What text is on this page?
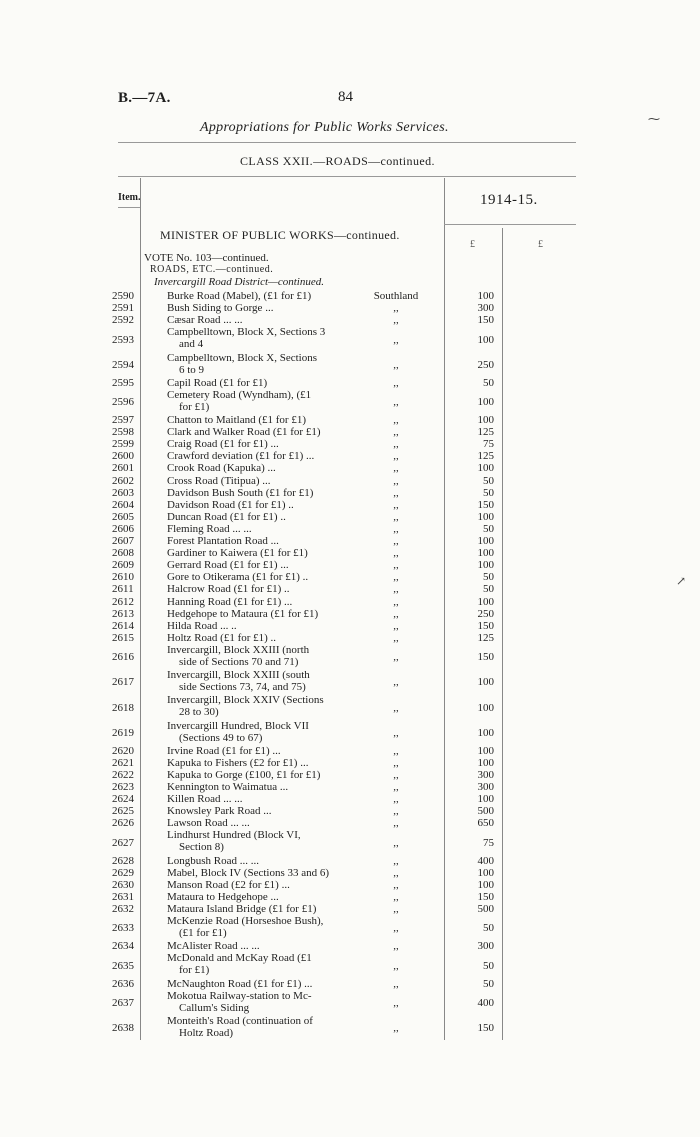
B.—7A.	84
Appropriations for Public Works Services.
⁓
CLASS XXII.—ROADS—continued.
Item.	1914-15.
MINISTER OF PUBLIC WORKS—continued.
£	£
VOTE No. 103—continued.
ROADS, ETC.—continued.
Invercargill Road District—continued.
↗
2590	Burke Road (Mabel), (£1 for £1)	Southland	100
2591	Bush Siding to Gorge ...	,,	300
2592	Cæsar Road ... ...	,,	150
2593
Campbelltown, Block X, Sections 3
and 4	,,	100
2594
Campbelltown, Block X, Sections
6 to 9	,,	250
2595	Capil Road (£1 for £1)	,,	50
2596
Cemetery Road (Wyndham), (£1
for £1)	,,	100
2597	Chatton to Maitland (£1 for £1)	,,	100
2598	Clark and Walker Road (£1 for £1)	,,	125
2599	Craig Road (£1 for £1) ...	,,	75
2600	Crawford deviation (£1 for £1) ...	,,	125
2601	Crook Road (Kapuka) ...	,,	100
2602	Cross Road (Titipua) ...	,,	50
2603	Davidson Bush South (£1 for £1)	,,	50
2604	Davidson Road (£1 for £1) ..	,,	150
2605	Duncan Road (£1 for £1) ..	,,	100
2606	Fleming Road ... ...	,,	50
2607	Forest Plantation Road ...	,,	100
2608	Gardiner to Kaiwera (£1 for £1)	,,	100
2609	Gerrard Road (£1 for £1) ...	,,	100
2610	Gore to Otikerama (£1 for £1) ..	,,	50
2611	Halcrow Road (£1 for £1) ..	,,	50
2612	Hanning Road (£1 for £1) ...	,,	100
2613	Hedgehope to Mataura (£1 for £1)	,,	250
2614	Hilda Road ... ..	,,	150
2615	Holtz Road (£1 for £1) ..	,,	125
2616
Invercargill, Block XXIII (north
side of Sections 70 and 71)	,,	150
2617
Invercargill, Block XXIII (south
side Sections 73, 74, and 75)	,,	100
2618
Invercargill, Block XXIV (Sections
28 to 30)	,,	100
2619
Invercargill Hundred, Block VII
(Sections 49 to 67)	,,	100
2620	Irvine Road (£1 for £1) ...	,,	100
2621	Kapuka to Fishers (£2 for £1) ...	,,	100
2622	Kapuka to Gorge (£100, £1 for £1)	,,	300
2623	Kennington to Waimatua ...	,,	300
2624	Killen Road ... ...	,,	100
2625	Knowsley Park Road ...	,,	500
2626	Lawson Road ... ...	,,	650
2627
Lindhurst Hundred (Block VI,
Section 8)	,,	75
2628	Longbush Road ... ...	,,	400
2629	Mabel, Block IV (Sections 33 and 6)	,,	100
2630	Manson Road (£2 for £1) ...	,,	100
2631	Mataura to Hedgehope ...	,,	150
2632	Mataura Island Bridge (£1 for £1)	,,	500
2633
McKenzie Road (Horseshoe Bush),
(£1 for £1)	,,	50
2634	McAlister Road ... ...	,,	300
2635
McDonald and McKay Road (£1
for £1)	,,	50
2636	McNaughton Road (£1 for £1) ...	,,	50
2637
Mokotua Railway-station to Mc-
Callum's Siding	,,	400
2638
Monteith's Road (continuation of
Holtz Road)	,,	150
